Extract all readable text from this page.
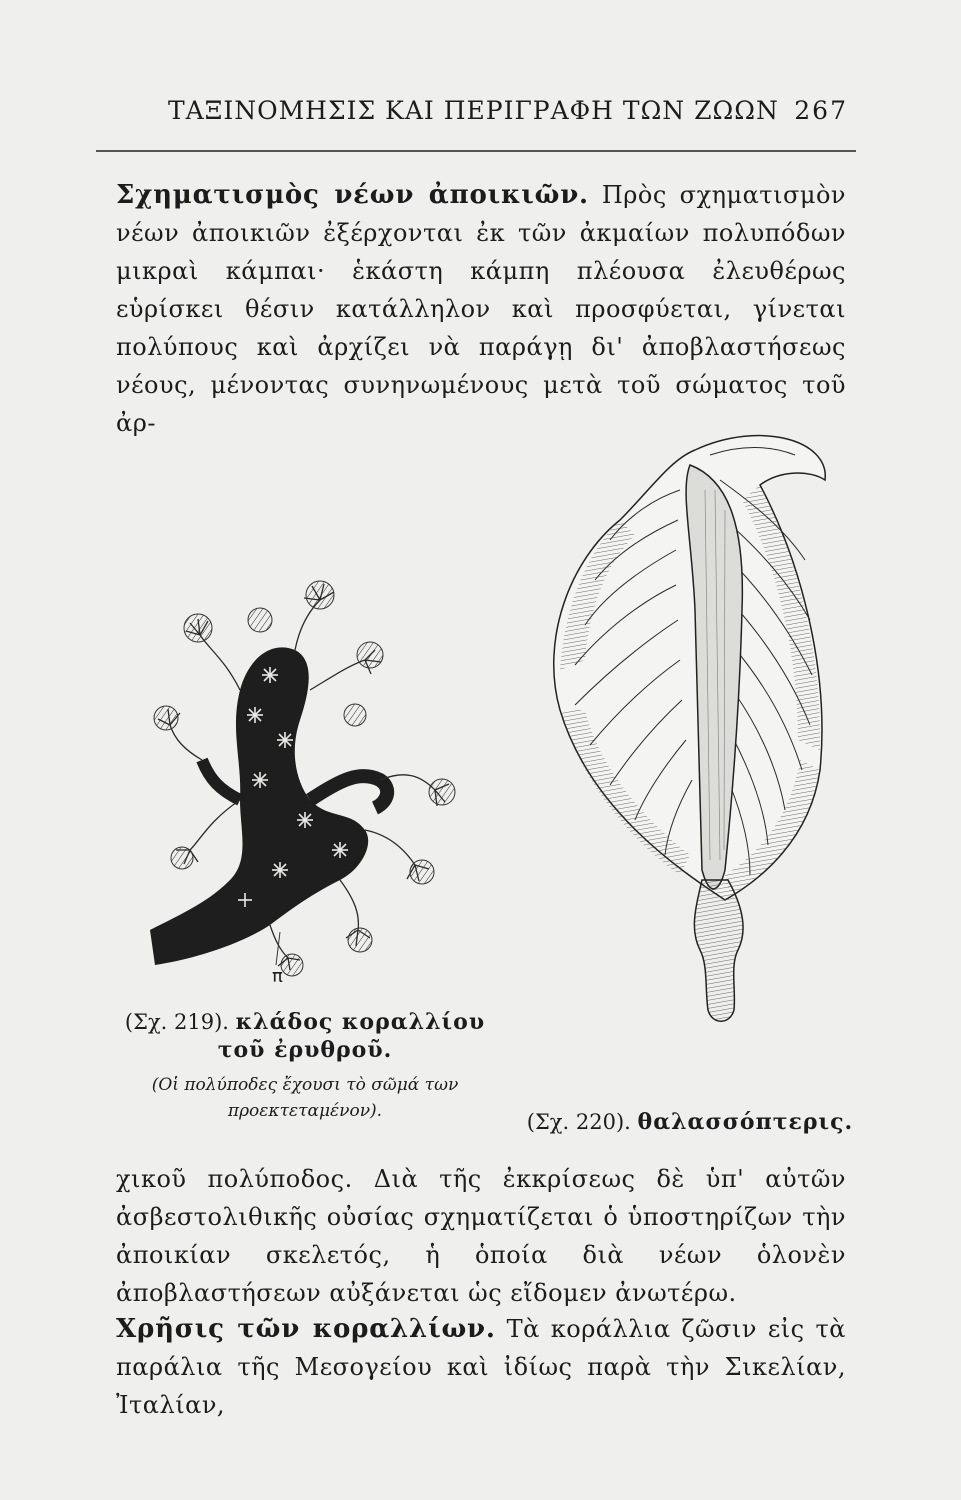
ΤΑΞΙΝΟΜΗΣΙΣ ΚΑΙ ΠΕΡΙΓΡΑΦΗ ΤΩΝ ΖΩΩΝ 267
Σχηματισμὸς νέων ἀποικιῶν. Πρὸς σχηματισμὸν νέων ἀποικιῶν ἐξέρχονται ἐκ τῶν ἀκμαίων πολυπόδων μικραὶ κάμπαι· ἑκάστη κάμπη πλέουσα ἐλευθέρως εὑρίσκει θέσιν κατάλληλον καὶ προσφύεται, γίνεται πολύπους καὶ ἀρχίζει νὰ παράγῃ δι' ἀποβλαστήσεως νέους, μένοντας συνηνωμένους μετὰ τοῦ σώματος τοῦ ἀρ-
π
(Σχ. 219). κλάδος κοραλλίου τοῦ ἐρυθροῦ.
(Οἱ πολύποδες ἔχουσι τὸ σῶμά των προεκτεταμένον).	(Σχ. 220). θαλασσόπτερις.
χικοῦ πολύποδος. Διὰ τῆς ἐκκρίσεως δὲ ὑπ' αὐτῶν ἀσβεστολιθικῆς οὐσίας σχηματίζεται ὁ ὑποστηρίζων τὴν ἀποικίαν σκελετός, ἡ ὁποία διὰ νέων ὁλονὲν ἀποβλαστήσεων αὐξάνεται ὡς εἴδομεν ἀνωτέρω.
Χρῆσις τῶν κοραλλίων. Τὰ κοράλλια ζῶσιν εἰς τὰ παράλια τῆς Μεσογείου καὶ ἰδίως παρὰ τὴν Σικελίαν, Ἰταλίαν,
